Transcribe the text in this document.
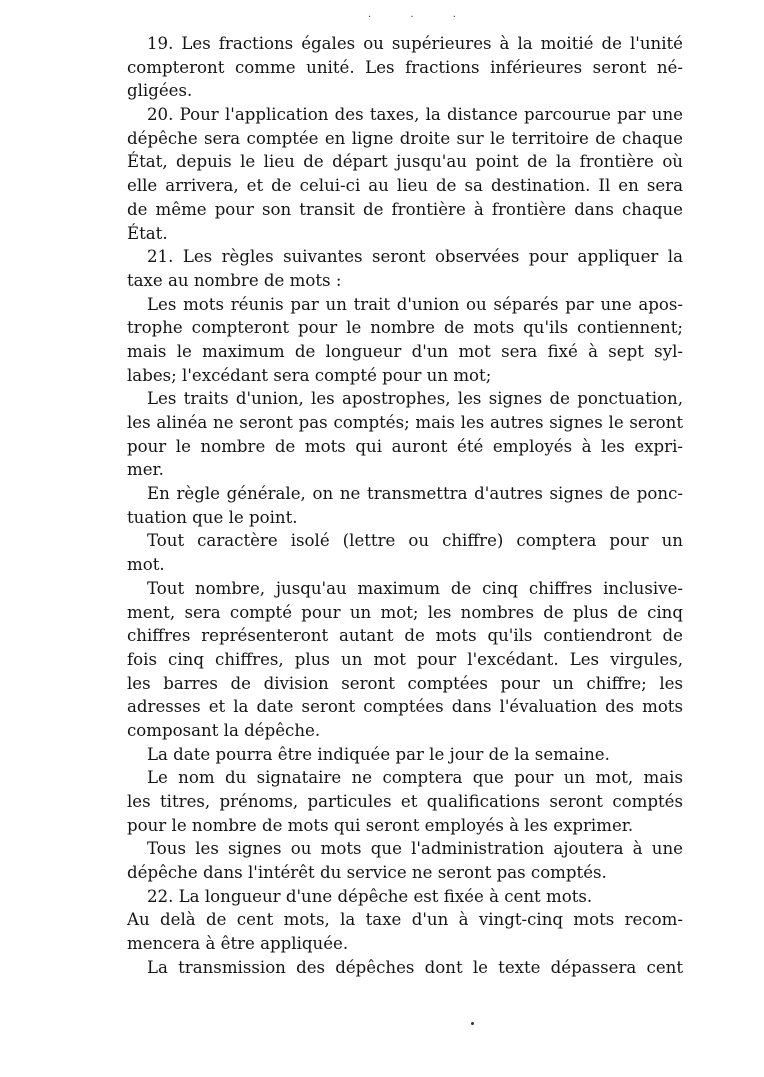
· · ·
19. Les fractions égales ou supérieures à la moitié de l'unité
compteront comme unité. Les fractions inférieures seront né-
gligées.
20. Pour l'application des taxes, la distance parcourue par une
dépêche sera comptée en ligne droite sur le territoire de chaque
État, depuis le lieu de départ jusqu'au point de la frontière où
elle arrivera, et de celui-ci au lieu de sa destination. Il en sera
de même pour son transit de frontière à frontière dans chaque
État.
21. Les règles suivantes seront observées pour appliquer la
taxe au nombre de mots :
Les mots réunis par un trait d'union ou séparés par une apos-
trophe compteront pour le nombre de mots qu'ils contiennent;
mais le maximum de longueur d'un mot sera fixé à sept syl-
labes; l'excédant sera compté pour un mot;
Les traits d'union, les apostrophes, les signes de ponctuation,
les alinéa ne seront pas comptés; mais les autres signes le seront
pour le nombre de mots qui auront été employés à les expri-
mer.
En règle générale, on ne transmettra d'autres signes de ponc-
tuation que le point.
Tout caractère isolé (lettre ou chiffre) comptera pour un
mot.
Tout nombre, jusqu'au maximum de cinq chiffres inclusive-
ment, sera compté pour un mot; les nombres de plus de cinq
chiffres représenteront autant de mots qu'ils contiendront de
fois cinq chiffres, plus un mot pour l'excédant. Les virgules,
les barres de division seront comptées pour un chiffre; les
adresses et la date seront comptées dans l'évaluation des mots
composant la dépêche.
La date pourra être indiquée par le jour de la semaine.
Le nom du signataire ne comptera que pour un mot, mais
les titres, prénoms, particules et qualifications seront comptés
pour le nombre de mots qui seront employés à les exprimer.
Tous les signes ou mots que l'administration ajoutera à une
dépêche dans l'intérêt du service ne seront pas comptés.
22. La longueur d'une dépêche est fixée à cent mots.
Au delà de cent mots, la taxe d'un à vingt-cinq mots recom-
mencera à être appliquée.
La transmission des dépêches dont le texte dépassera cent
